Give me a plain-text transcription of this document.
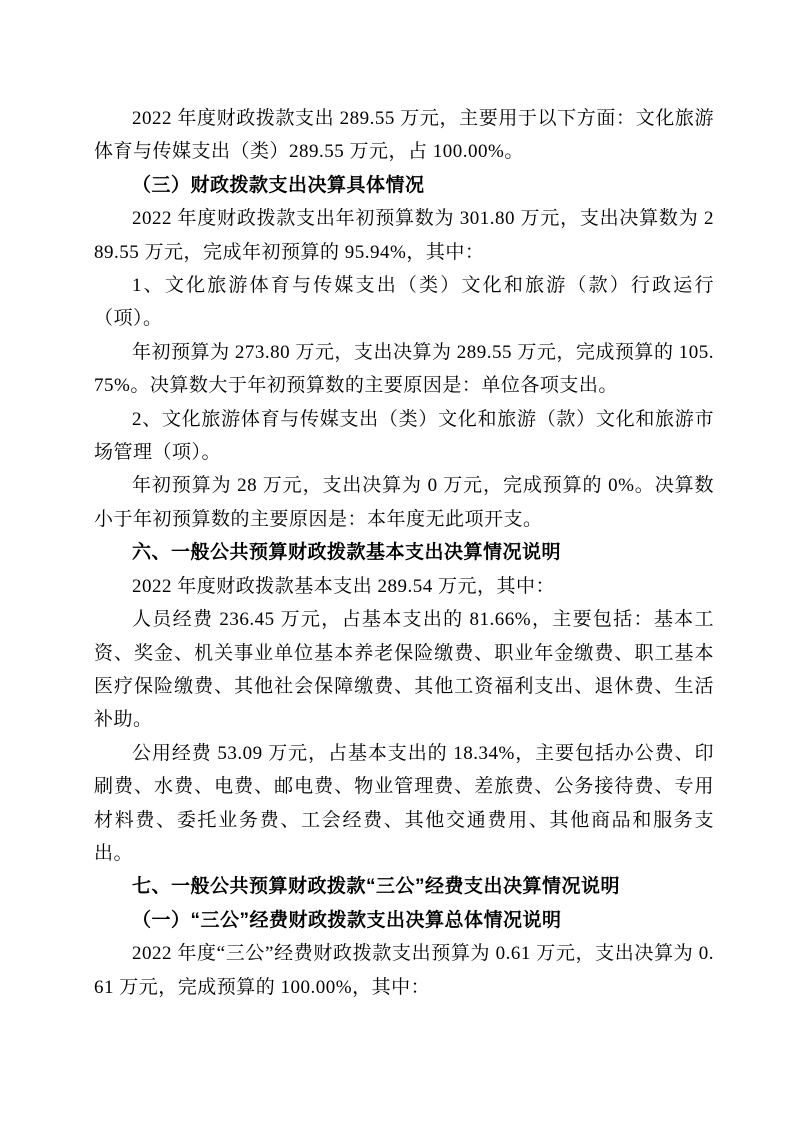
2022 年度财政拨款支出 289.55 万元，主要用于以下方面：文化旅游体育与传媒支出（类）289.55 万元，占 100.00%。

（三）财政拨款支出决算具体情况

2022 年度财政拨款支出年初预算数为 301.80 万元，支出决算数为 289.55 万元，完成年初预算的 95.94%，其中：

1、文化旅游体育与传媒支出（类）文化和旅游（款）行政运行（项）。

年初预算为 273.80 万元，支出决算为 289.55 万元，完成预算的 105.75%。决算数大于年初预算数的主要原因是：单位各项支出。

2、文化旅游体育与传媒支出（类）文化和旅游（款）文化和旅游市场管理（项）。

年初预算为 28 万元，支出决算为 0 万元，完成预算的 0%。决算数小于年初预算数的主要原因是：本年度无此项开支。

六、一般公共预算财政拨款基本支出决算情况说明

2022 年度财政拨款基本支出 289.54 万元，其中：

人员经费 236.45 万元，占基本支出的 81.66%，主要包括：基本工资、奖金、机关事业单位基本养老保险缴费、职业年金缴费、职工基本医疗保险缴费、其他社会保障缴费、其他工资福利支出、退休费、生活补助。

公用经费 53.09 万元，占基本支出的 18.34%，主要包括办公费、印刷费、水费、电费、邮电费、物业管理费、差旅费、公务接待费、专用材料费、委托业务费、工会经费、其他交通费用、其他商品和服务支出。

七、一般公共预算财政拨款“三公”经费支出决算情况说明

（一）“三公”经费财政拨款支出决算总体情况说明

2022 年度“三公”经费财政拨款支出预算为 0.61 万元，支出决算为 0.61 万元，完成预算的 100.00%，其中：
